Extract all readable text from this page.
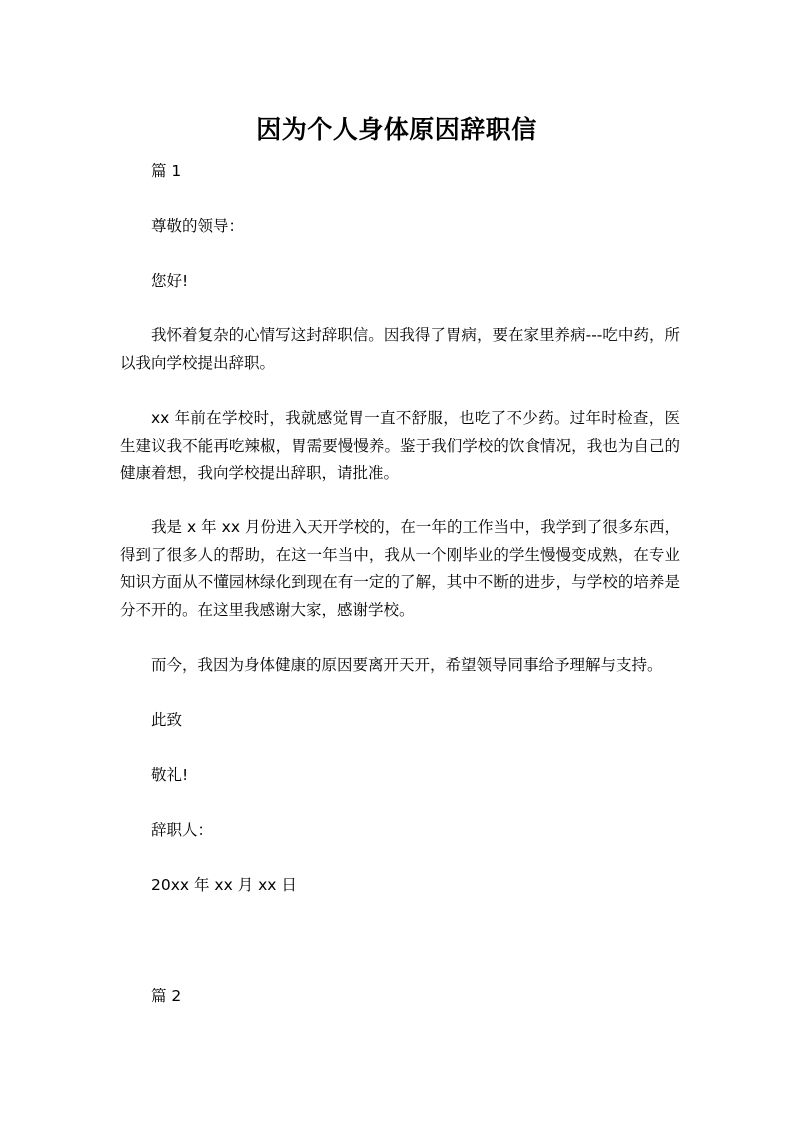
因为个人身体原因辞职信
篇 1
尊敬的领导：
您好!
我怀着复杂的心情写这封辞职信。因我得了胃病，要在家里养病---吃中药，所以我向学校提出辞职。
xx 年前在学校时，我就感觉胃一直不舒服，也吃了不少药。过年时检查，医生建议我不能再吃辣椒，胃需要慢慢养。鉴于我们学校的饮食情况，我也为自己的健康着想，我向学校提出辞职，请批准。
我是 x 年 xx 月份进入天开学校的，在一年的工作当中，我学到了很多东西，得到了很多人的帮助，在这一年当中，我从一个刚毕业的学生慢慢变成熟，在专业知识方面从不懂园林绿化到现在有一定的了解，其中不断的进步，与学校的培养是分不开的。在这里我感谢大家，感谢学校。
而今，我因为身体健康的原因要离开天开，希望领导同事给予理解与支持。
此致
敬礼!
辞职人：
20xx 年 xx 月 xx 日
篇 2
